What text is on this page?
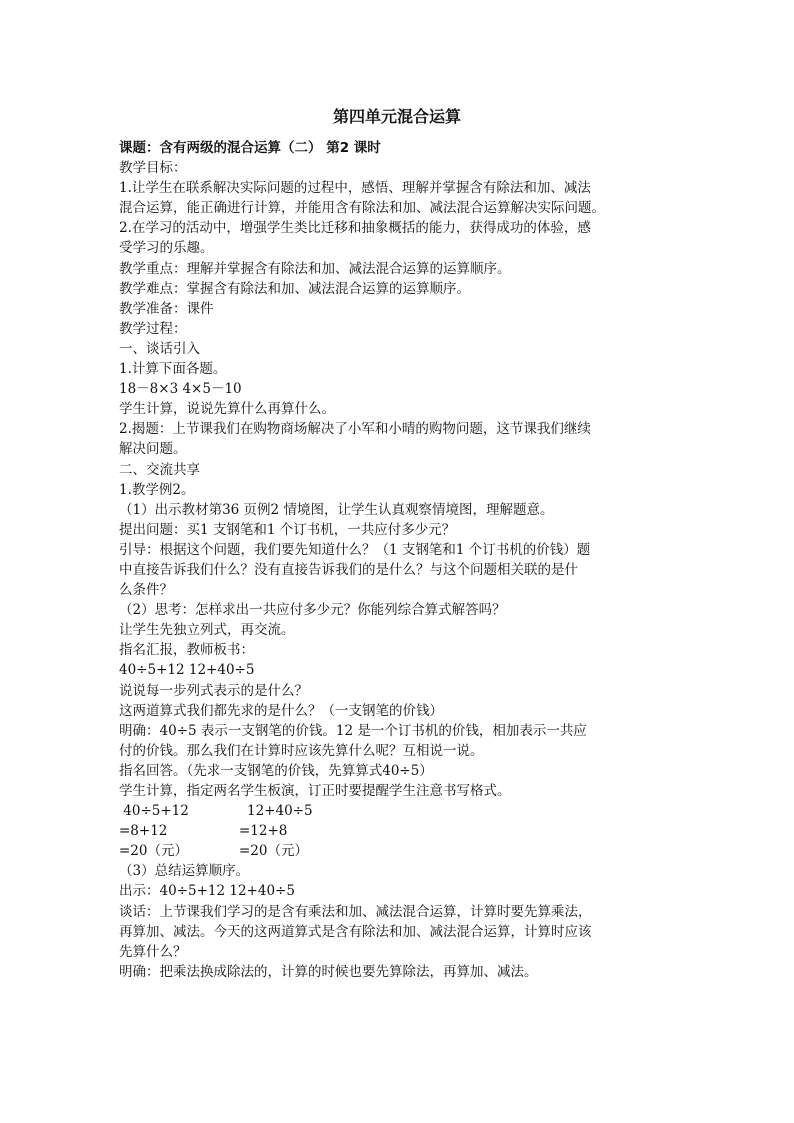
第四单元混合运算
课题：含有两级的混合运算（二） 第2 课时
教学目标：
1.让学生在联系解决实际问题的过程中，感悟、理解并掌握含有除法和加、减法
混合运算，能正确进行计算，并能用含有除法和加、减法混合运算解决实际问题。
2.在学习的活动中，增强学生类比迁移和抽象概括的能力，获得成功的体验，感
受学习的乐趣。
教学重点：理解并掌握含有除法和加、减法混合运算的运算顺序。
教学难点：掌握含有除法和加、减法混合运算的运算顺序。
教学准备：课件
教学过程：
一、谈话引入
1.计算下面各题。
18－8×3 4×5－10
学生计算，说说先算什么再算什么。
2.揭题：上节课我们在购物商场解决了小军和小晴的购物问题，这节课我们继续
解决问题。
二、交流共享
1.教学例2。
（1）出示教材第36 页例2 情境图，让学生认真观察情境图，理解题意。
提出问题：买1 支钢笔和1 个订书机，一共应付多少元？
引导：根据这个问题，我们要先知道什么？（1 支钢笔和1 个订书机的价钱）题
中直接告诉我们什么？没有直接告诉我们的是什么？与这个问题相关联的是什
么条件？
（2）思考：怎样求出一共应付多少元？你能列综合算式解答吗？
让学生先独立列式，再交流。
指名汇报，教师板书：
40÷5+12 12+40÷5
说说每一步列式表示的是什么？
这两道算式我们都先求的是什么？（一支钢笔的价钱）
明确：40÷5 表示一支钢笔的价钱。12 是一个订书机的价钱，相加表示一共应
付的价钱。那么我们在计算时应该先算什么呢？互相说一说。
指名回答。（先求一支钢笔的价钱，先算算式40÷5）
学生计算，指定两名学生板演，订正时要提醒学生注意书写格式。
40÷5+12	12+40÷5
=8+12	=12+8
=20（元）	=20（元）
（3）总结运算顺序。
出示：40÷5+12 12+40÷5
谈话：上节课我们学习的是含有乘法和加、减法混合运算，计算时要先算乘法，
再算加、减法。今天的这两道算式是含有除法和加、减法混合运算，计算时应该
先算什么？
明确：把乘法换成除法的，计算的时候也要先算除法，再算加、减法。
